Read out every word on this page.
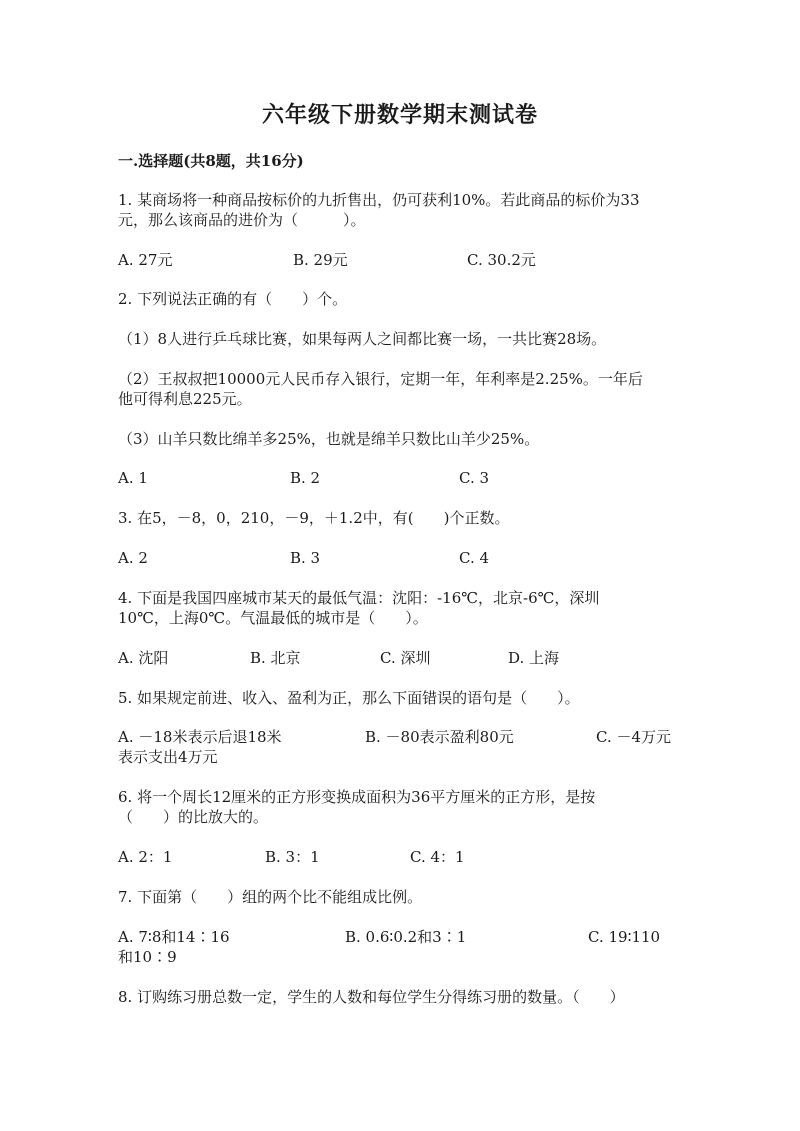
六年级下册数学期末测试卷
一.选择题(共8题，共16分)
1. 某商场将一种商品按标价的九折售出，仍可获利10%。若此商品的标价为33
元，那么该商品的进价为（　　　）。
A. 27元	B. 29元	C. 30.2元
2. 下列说法正确的有（　　）个。
（1）8人进行乒乓球比赛，如果每两人之间都比赛一场，一共比赛28场。
（2）王叔叔把10000元人民币存入银行，定期一年，年利率是2.25%。一年后
他可得利息225元。
（3）山羊只数比绵羊多25%，也就是绵羊只数比山羊少25%。
A. 1	B. 2	C. 3
3. 在5，－8，0，210，－9，＋1.2中，有(　　)个正数。
A. 2	B. 3	C. 4
4. 下面是我国四座城市某天的最低气温：沈阳：-16℃，北京-6℃，深圳
10℃，上海0℃。气温最低的城市是（　　）。
A. 沈阳	B. 北京	C. 深圳	D. 上海
5. 如果规定前进、收入、盈利为正，那么下面错误的语句是（　　）。
A. －18米表示后退18米	B. －80表示盈利80元	C. －4万元
表示支出4万元
6. 将一个周长12厘米的正方形变换成面积为36平方厘米的正方形，是按
（　　）的比放大的。
A. 2：1	B. 3：1	C. 4：1
7. 下面第（　　）组的两个比不能组成比例。
A. 7∶8和14∶16	B. 0.6∶0.2和3∶1	C. 19∶110
和10∶9
8. 订购练习册总数一定，学生的人数和每位学生分得练习册的数量。（　　）
